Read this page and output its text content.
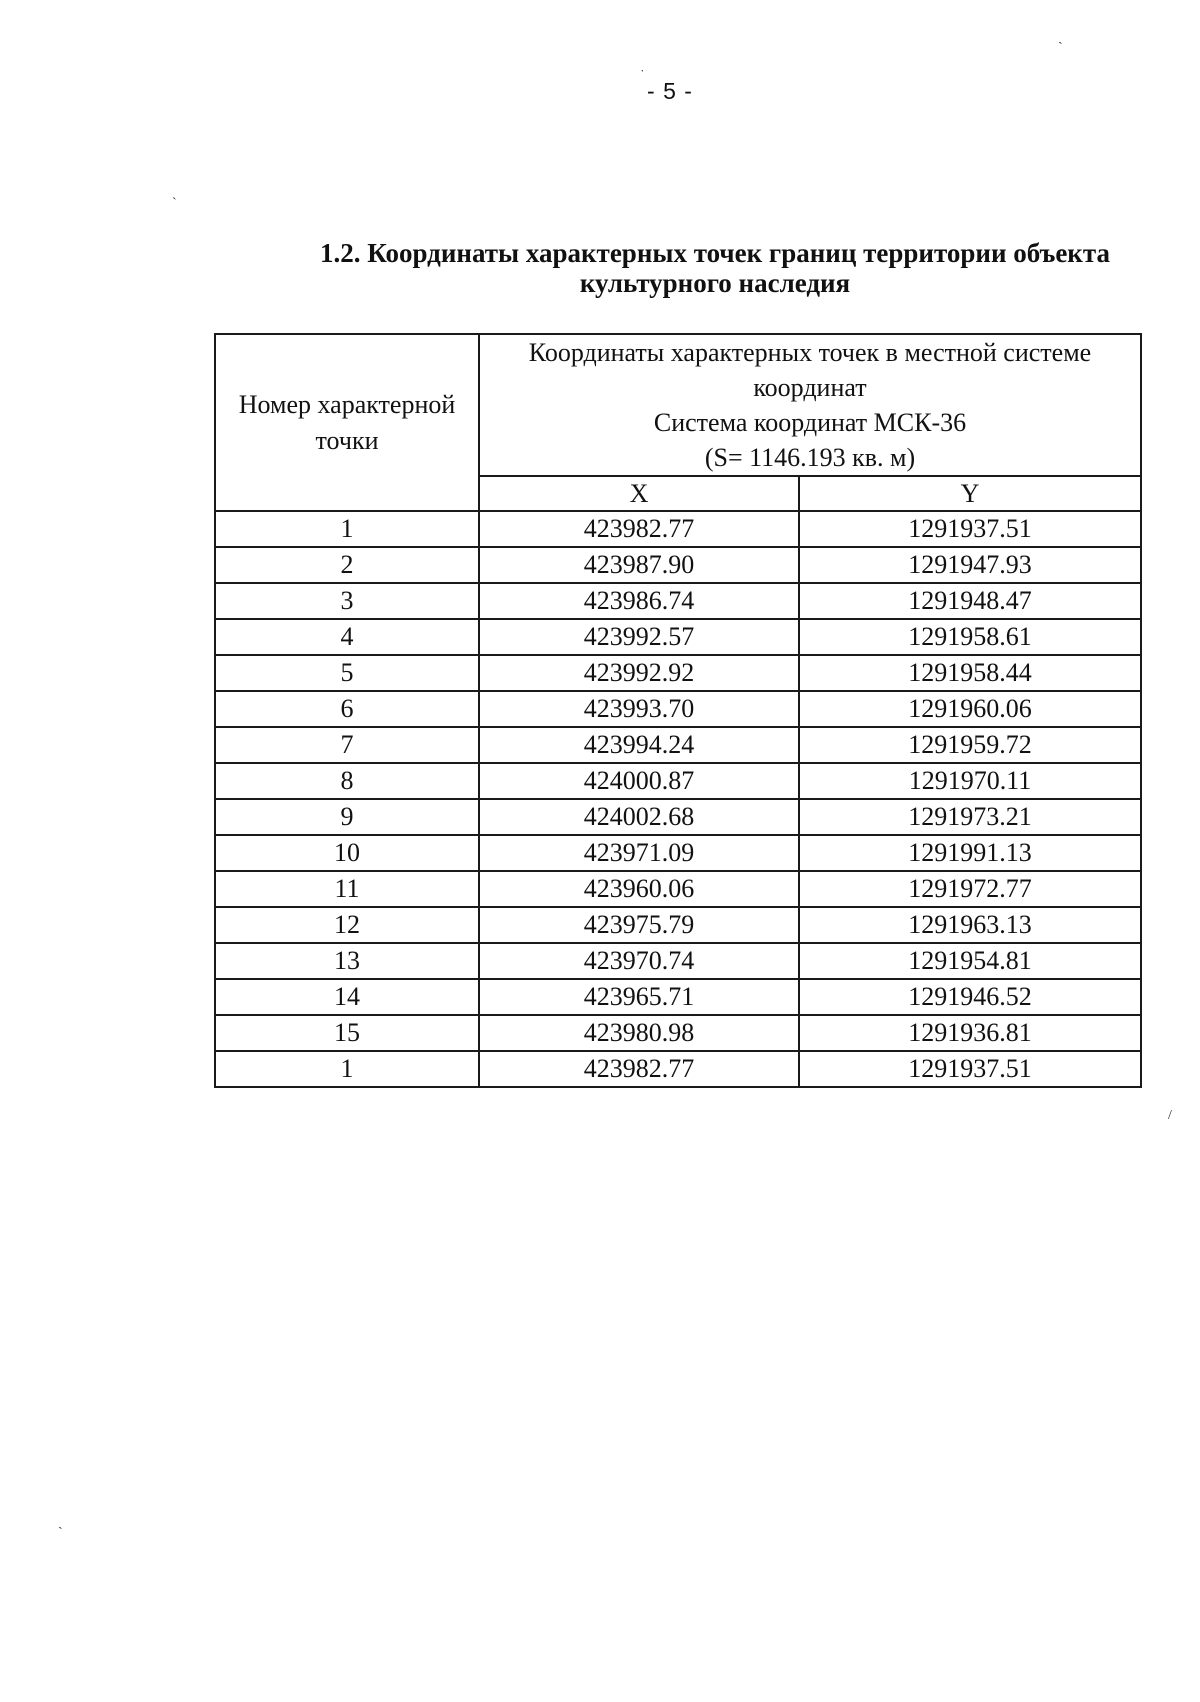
- 5 -
1.2. Координаты характерных точек границ территории объекта
культурного наследия
Номер характерной точки	Координаты характерных точек в местной системе
координат
Система координат МСК-36
(S= 1146.193 кв. м)	

	X	Y
1	423982.77	1291937.51
2	423987.90	1291947.93
3	423986.74	1291948.47
4	423992.57	1291958.61
5	423992.92	1291958.44
6	423993.70	1291960.06
7	423994.24	1291959.72
8	424000.87	1291970.11
9	424002.68	1291973.21
10	423971.09	1291991.13
11	423960.06	1291972.77
12	423975.79	1291963.13
13	423970.74	1291954.81
14	423965.71	1291946.52
15	423980.98	1291936.81
1	423982.77	1291937.51
˙
˴
ˏ
/
ˏ
